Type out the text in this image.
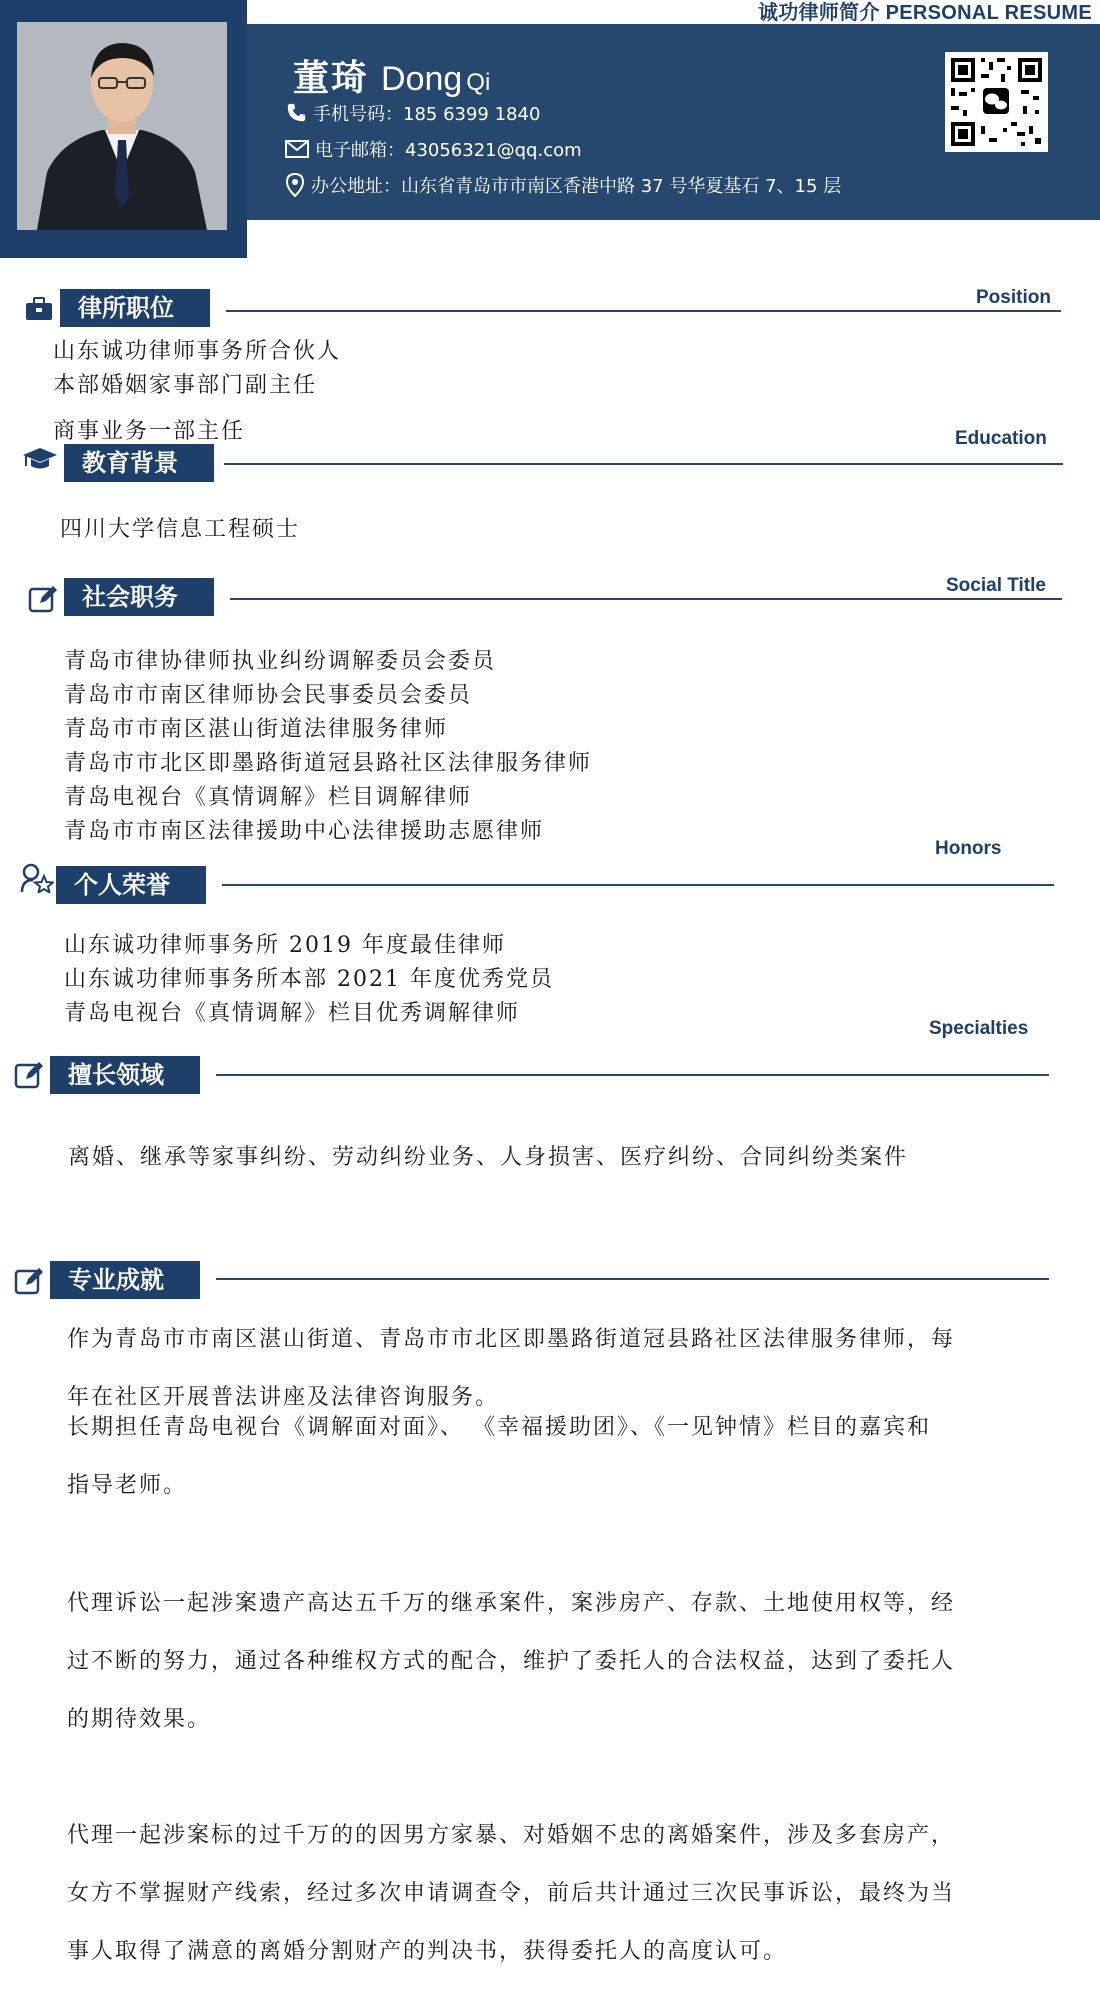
诚功律师简介 PERSONAL RESUME
董琦 Dong Qi
手机号码：185 6399 1840
电子邮箱：43056321@qq.com
办公地址：山东省青岛市市南区香港中路 37 号华夏基石 7、15 层
律所职位	Position
山东诚功律师事务所合伙人
本部婚姻家事部门副主任
商事业务一部主任
教育背景
Education
四川大学信息工程硕士
社会职务	Social Title
青岛市律协律师执业纠纷调解委员会委员
青岛市市南区律师协会民事委员会委员
青岛市市南区湛山街道法律服务律师
青岛市市北区即墨路街道冠县路社区法律服务律师
青岛电视台《真情调解》栏目调解律师
青岛市市南区法律援助中心法律援助志愿律师
个人荣誉
Honors
山东诚功律师事务所 2019 年度最佳律师
山东诚功律师事务所本部 2021 年度优秀党员
青岛电视台《真情调解》栏目优秀调解律师
擅长领域
Specialties
离婚、继承等家事纠纷、劳动纠纷业务、人身损害、医疗纠纷、合同纠纷类案件
专业成就
作为青岛市市南区湛山街道、青岛市市北区即墨路街道冠县路社区法律服务律师，每
年在社区开展普法讲座及法律咨询服务。
长期担任青岛电视台《调解面对面》、 《幸福援助团》、《一见钟情》栏目的嘉宾和
指导老师。
代理诉讼一起涉案遗产高达五千万的继承案件，案涉房产、存款、土地使用权等，经
过不断的努力，通过各种维权方式的配合，维护了委托人的合法权益，达到了委托人
的期待效果。
代理一起涉案标的过千万的的因男方家暴、对婚姻不忠的离婚案件，涉及多套房产，
女方不掌握财产线索，经过多次申请调查令，前后共计通过三次民事诉讼，最终为当
事人取得了满意的离婚分割财产的判决书，获得委托人的高度认可。
